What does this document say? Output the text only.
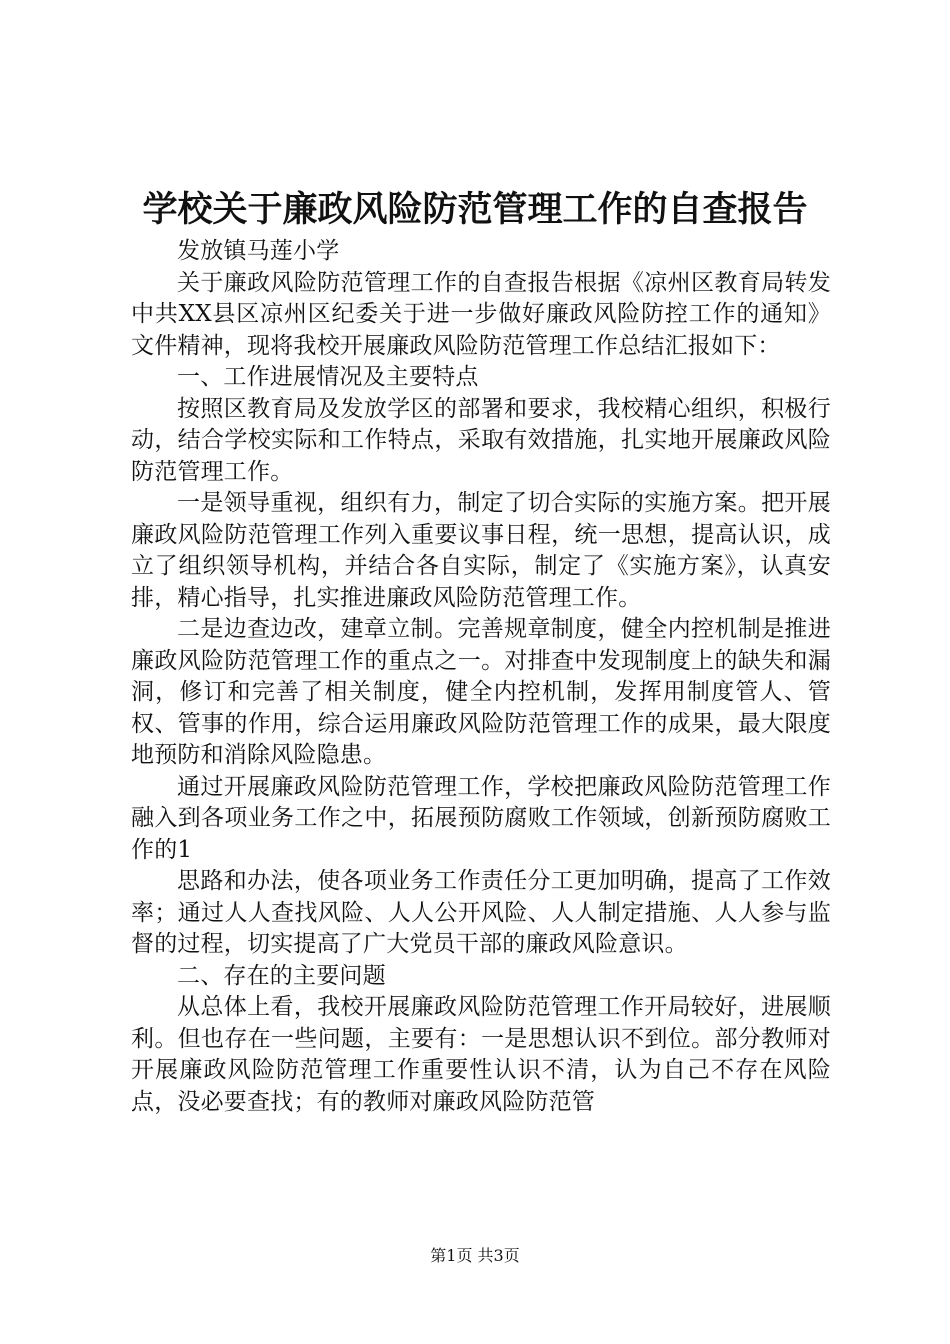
学校关于廉政风险防范管理工作的自查报告

发放镇马莲小学

关于廉政风险防范管理工作的自查报告根据《凉州区教育局转发中共XX县区凉州区纪委关于进一步做好廉政风险防控工作的通知》文件精神，现将我校开展廉政风险防范管理工作总结汇报如下：

一、工作进展情况及主要特点

按照区教育局及发放学区的部署和要求，我校精心组织，积极行动，结合学校实际和工作特点，采取有效措施，扎实地开展廉政风险防范管理工作。

一是领导重视，组织有力，制定了切合实际的实施方案。把开展廉政风险防范管理工作列入重要议事日程，统一思想，提高认识，成立了组织领导机构，并结合各自实际，制定了《实施方案》，认真安排，精心指导，扎实推进廉政风险防范管理工作。

二是边查边改，建章立制。完善规章制度，健全内控机制是推进廉政风险防范管理工作的重点之一。对排查中发现制度上的缺失和漏洞，修订和完善了相关制度，健全内控机制，发挥用制度管人、管权、管事的作用，综合运用廉政风险防范管理工作的成果，最大限度地预防和消除风险隐患。

通过开展廉政风险防范管理工作，学校把廉政风险防范管理工作融入到各项业务工作之中，拓展预防腐败工作领域，创新预防腐败工作的1

思路和办法，使各项业务工作责任分工更加明确，提高了工作效率；通过人人查找风险、人人公开风险、人人制定措施、人人参与监督的过程，切实提高了广大党员干部的廉政风险意识。

二、存在的主要问题

从总体上看，我校开展廉政风险防范管理工作开局较好，进展顺利。但也存在一些问题，主要有：一是思想认识不到位。部分教师对开展廉政风险防范管理工作重要性认识不清，认为自己不存在风险点，没必要查找；有的教师对廉政风险防范管

第1页 共3页
